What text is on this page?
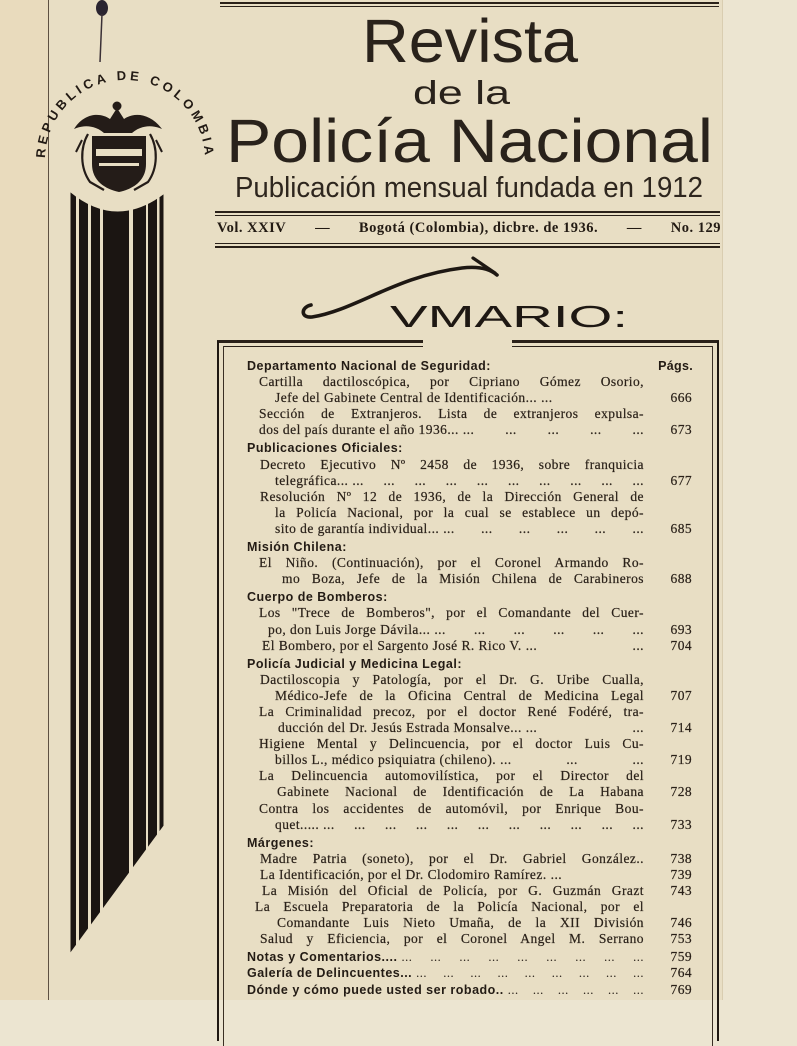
REPUBLICA DE COLOMBIA
Revista
de la
Policía Nacional
Publicación mensual fundada en 1912
VMARIO:
Vol. XXIV — Bogotá (Colombia), dicbre. de 1936. — No. 129
Departamento Nacional de Seguridad:	Págs.
Cartilla dactiloscópica, por Cipriano Gómez Osorio,
Jefe del Gabinete Central de Identificación... ...	666
Sección de Extranjeros. Lista de extranjeros expulsa-
dos del país durante el año 1936... ... ... ... ... ...	673
Publicaciones Oficiales:
Decreto Ejecutivo Nº 2458 de 1936, sobre franquicia
telegráfica... ... ... ... ... ... ... ... ... ... ...	677
Resolución Nº 12 de 1936, de la Dirección General de
la Policía Nacional, por la cual se establece un depó-
sito de garantía individual... ... ... ... ... ... ...	685
Misión Chilena:
El Niño. (Continuación), por el Coronel Armando Ro-
mo Boza, Jefe de la Misión Chilena de Carabineros	688
Cuerpo de Bomberos:
Los "Trece de Bomberos", por el Comandante del Cuer-
po, don Luis Jorge Dávila... ... ... ... ... ... ...	693
El Bombero, por el Sargento José R. Rico V. ... ...	704
Policía Judicial y Medicina Legal:
Dactiloscopia y Patología, por el Dr. G. Uribe Cualla,
Médico-Jefe de la Oficina Central de Medicina Legal	707
La Criminalidad precoz, por el doctor René Fodéré, tra-
ducción del Dr. Jesús Estrada Monsalve... ... ...	714
Higiene Mental y Delincuencia, por el doctor Luis Cu-
billos L., médico psiquiatra (chileno). ... ... ...	719
La Delincuencia automovilística, por el Director del
Gabinete Nacional de Identificación de La Habana	728
Contra los accidentes de automóvil, por Enrique Bou-
quet..... ... ... ... ... ... ... ... ... ... ... ...	733
Márgenes:
Madre Patria (soneto), por el Dr. Gabriel González..	738
La Identificación, por el Dr. Clodomiro Ramírez. ...	739
La Misión del Oficial de Policía, por G. Guzmán Grazt	743
La Escuela Preparatoria de la Policía Nacional, por el
Comandante Luis Nieto Umaña, de la XII División	746
Salud y Eficiencia, por el Coronel Angel M. Serrano	753
Notas y Comentarios.... ... ... ... ... ... ... ... ... ...	759
Galería de Delincuentes... ... ... ... ... ... ... ... ... ...	764
Dónde y cómo puede usted ser robado.. ... ... ... ... ... ...	769
